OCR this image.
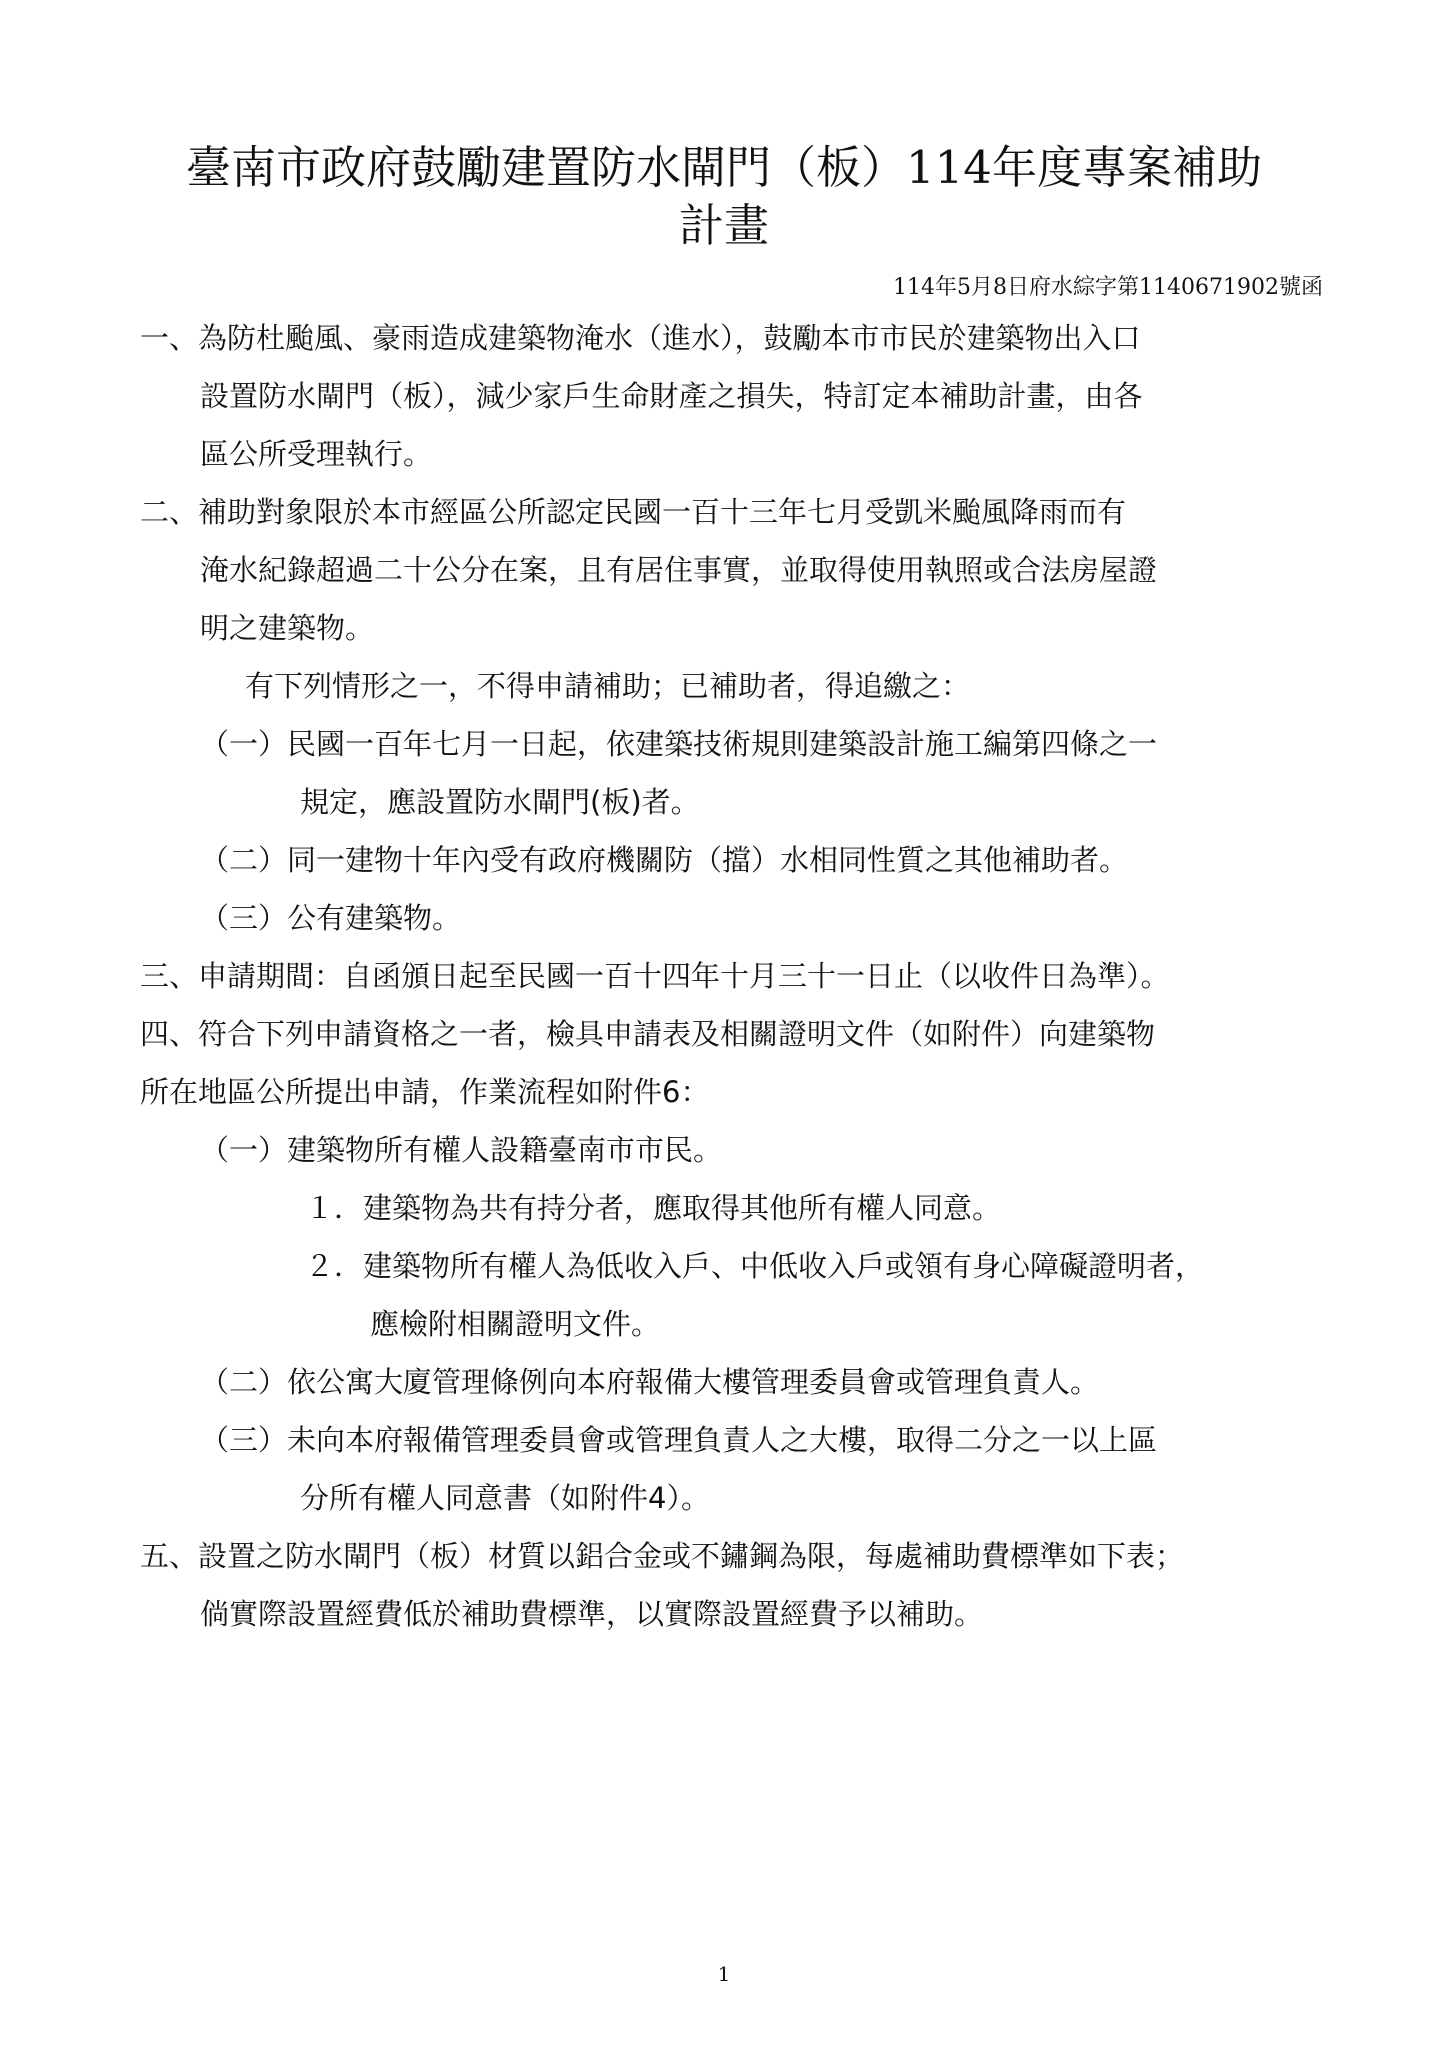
臺南市政府鼓勵建置防水閘門（板）114年度專案補助
計畫
114年5月8日府水綜字第1140671902號函
一、為防杜颱風、豪雨造成建築物淹水（進水），鼓勵本市市民於建築物出入口
設置防水閘門（板），減少家戶生命財產之損失，特訂定本補助計畫，由各
區公所受理執行。
二、補助對象限於本市經區公所認定民國一百十三年七月受凱米颱風降雨而有
淹水紀錄超過二十公分在案，且有居住事實，並取得使用執照或合法房屋證
明之建築物。
有下列情形之一，不得申請補助；已補助者，得追繳之：
（一）民國一百年七月一日起，依建築技術規則建築設計施工編第四條之一
規定，應設置防水閘門(板)者。
（二）同一建物十年內受有政府機關防（擋）水相同性質之其他補助者。
（三）公有建築物。
三、申請期間：自函頒日起至民國一百十四年十月三十一日止（以收件日為準）。
四、符合下列申請資格之一者，檢具申請表及相關證明文件（如附件）向建築物
所在地區公所提出申請，作業流程如附件6：
（一）建築物所有權人設籍臺南市市民。
１．建築物為共有持分者，應取得其他所有權人同意。
２．建築物所有權人為低收入戶、中低收入戶或領有身心障礙證明者，
應檢附相關證明文件。
（二）依公寓大廈管理條例向本府報備大樓管理委員會或管理負責人。
（三）未向本府報備管理委員會或管理負責人之大樓，取得二分之一以上區
分所有權人同意書（如附件4）。
五、設置之防水閘門（板）材質以鋁合金或不鏽鋼為限，每處補助費標準如下表；
倘實際設置經費低於補助費標準，以實際設置經費予以補助。
1
